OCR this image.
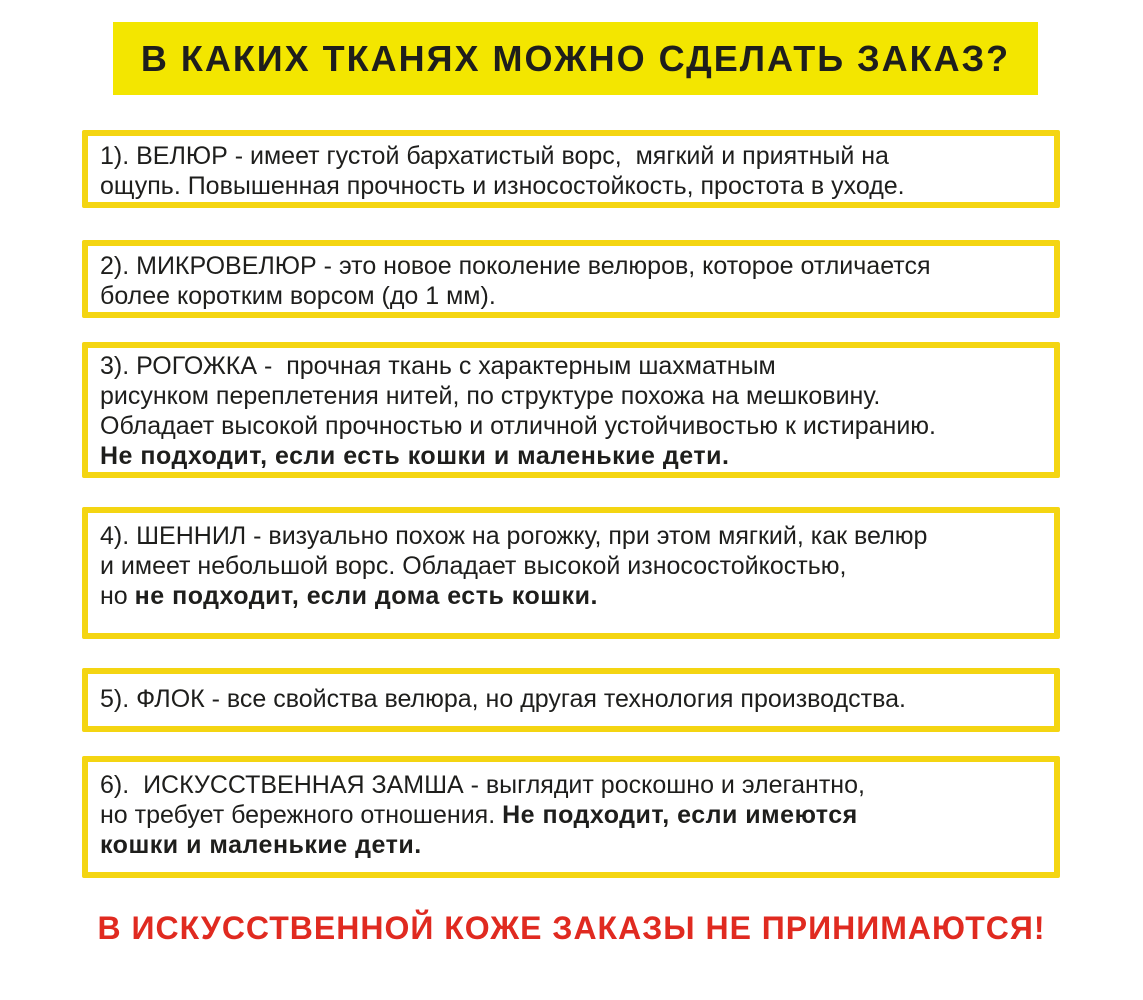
В КАКИХ ТКАНЯХ МОЖНО СДЕЛАТЬ ЗАКАЗ?
1). ВЕЛЮР - имеет густой бархатистый ворс,  мягкий и приятный на
ощупь. Повышенная прочность и износостойкость, простота в уходе.
2). МИКРОВЕЛЮР - это новое поколение велюров, которое отличается
более коротким ворсом (до 1 мм).
3). РОГОЖКА -  прочная ткань с характерным шахматным
рисунком переплетения нитей, по структуре похожа на мешковину.
Обладает высокой прочностью и отличной устойчивостью к истиранию.
Не подходит, если есть кошки и маленькие дети.
4). ШЕННИЛ - визуально похож на рогожку, при этом мягкий, как велюр
и имеет небольшой ворс. Обладает высокой износостойкостью,
но не подходит, если дома есть кошки.
5). ФЛОК - все свойства велюра, но другая технология производства.
6).  ИСКУССТВЕННАЯ ЗАМША - выглядит роскошно и элегантно,
но требует бережного отношения. Не подходит, если имеются
кошки и маленькие дети.
В ИСКУССТВЕННОЙ КОЖЕ ЗАКАЗЫ НЕ ПРИНИМАЮТСЯ!
